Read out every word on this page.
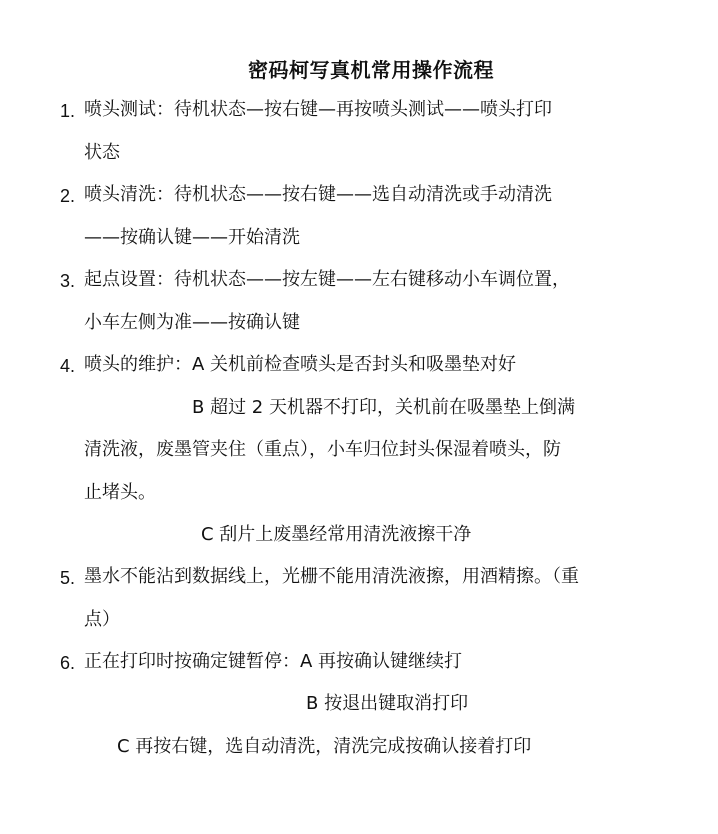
密码柯写真机常用操作流程
1. 喷头测试：待机状态—按右键—再按喷头测试——喷头打印
状态
2. 喷头清洗：待机状态——按右键——选自动清洗或手动清洗
——按确认键——开始清洗
3. 起点设置：待机状态——按左键——左右键移动小车调位置，
小车左侧为准——按确认键
4. 喷头的维护：A 关机前检查喷头是否封头和吸墨垫对好
B 超过 2 天机器不打印，关机前在吸墨垫上倒满
清洗液，废墨管夹住（重点），小车归位封头保湿着喷头，防
止堵头。
C 刮片上废墨经常用清洗液擦干净
5. 墨水不能沾到数据线上，光栅不能用清洗液擦，用酒精擦。（重
点）
6. 正在打印时按确定键暂停：A 再按确认键继续打
B 按退出键取消打印
C 再按右键，选自动清洗，清洗完成按确认接着打印
